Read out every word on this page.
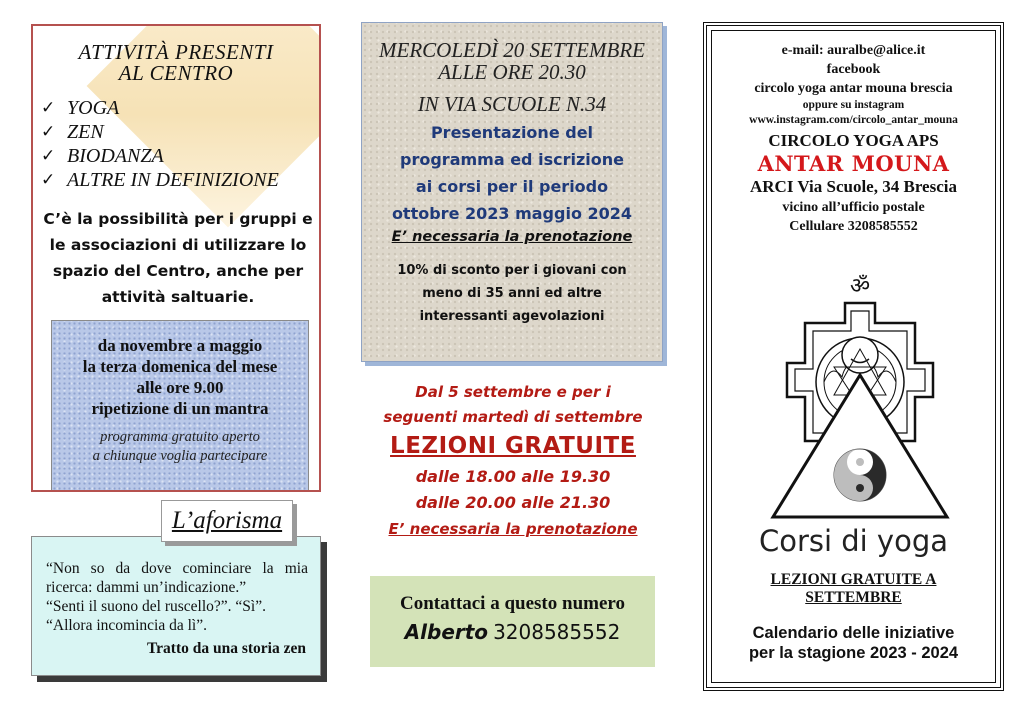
ATTIVITÀ PRESENTI
AL CENTRO
✓ YOGA
✓ ZEN
✓ BIODANZA
✓ ALTRE IN DEFINIZIONE

C’è la possibilità per i gruppi e le associazioni di utilizzare lo spazio del Centro, anche per attività saltuarie.

da novembre a maggio
la terza domenica del mese
alle ore 9.00
ripetizione di un mantra
programma gratuito aperto
a chiunque voglia partecipare
L’aforisma
“Non so da dove cominciare la mia ricerca: dammi un’indicazione.”
“Senti il suono del ruscello?”. “Sì”.
“Allora incomincia da lì”.
Tratto da una storia zen
MERCOLEDÌ 20 SETTEMBRE
ALLE ORE 20.30
IN VIA SCUOLE N.34
Presentazione del
programma ed iscrizione
ai corsi per il periodo
ottobre 2023 maggio 2024
E’ necessaria la prenotazione
10% di sconto per i giovani con
meno di 35 anni ed altre
interessanti agevolazioni
Dal 5 settembre e per i
seguenti martedì di settembre
LEZIONI GRATUITE
dalle 18.00 alle 19.30
dalle 20.00 alle 21.30
E’ necessaria la prenotazione
Contattaci a questo numero
Alberto 3208585552
e-mail: auralbe@alice.it
facebook
circolo yoga antar mouna brescia
oppure su instagram
www.instagram.com/circolo_antar_mouna
CIRCOLO YOGA APS
ANTAR MOUNA
ARCI Via Scuole, 34 Brescia
vicino all’ufficio postale
Cellulare 3208585552
ॐ
Corsi di yoga
LEZIONI GRATUITE A
SETTEMBRE
Calendario delle iniziative
per la stagione 2023 - 2024
